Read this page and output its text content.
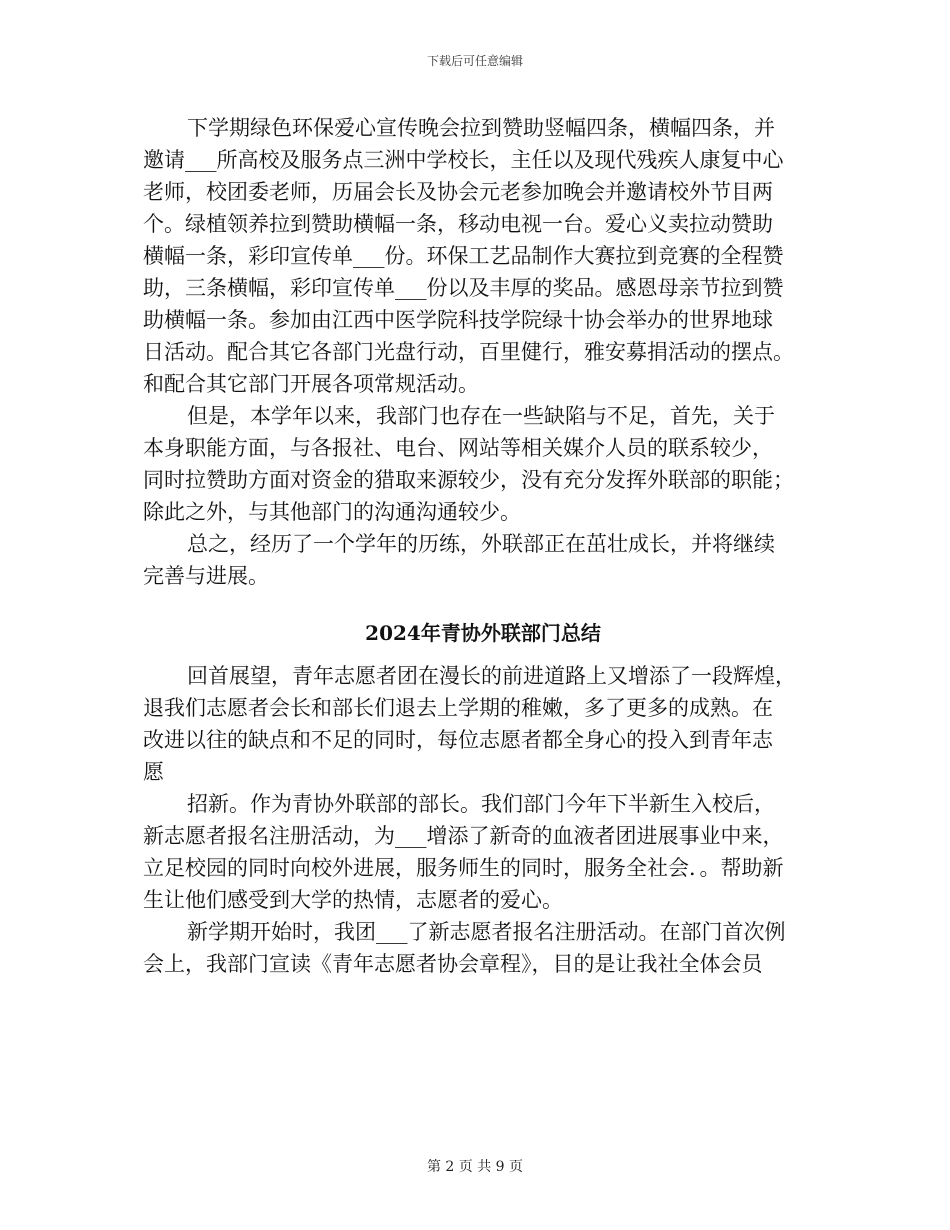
下载后可任意编辑
下学期绿色环保爱心宣传晚会拉到赞助竖幅四条，横幅四条，并
邀请___所高校及服务点三洲中学校长，主任以及现代残疾人康复中心
老师，校团委老师，历届会长及协会元老参加晚会并邀请校外节目两
个。绿植领养拉到赞助横幅一条，移动电视一台。爱心义卖拉动赞助
横幅一条，彩印宣传单___份。环保工艺品制作大赛拉到竞赛的全程赞
助，三条横幅，彩印宣传单___份以及丰厚的奖品。感恩母亲节拉到赞
助横幅一条。参加由江西中医学院科技学院绿十协会举办的世界地球
日活动。配合其它各部门光盘行动，百里健行，雅安募捐活动的摆点。
和配合其它部门开展各项常规活动。
但是，本学年以来，我部门也存在一些缺陷与不足，首先，关于
本身职能方面，与各报社、电台、网站等相关媒介人员的联系较少，
同时拉赞助方面对资金的猎取来源较少，没有充分发挥外联部的职能；
除此之外，与其他部门的沟通沟通较少。
总之，经历了一个学年的历练，外联部正在茁壮成长，并将继续
完善与进展。
2024年青协外联部门总结
回首展望，青年志愿者团在漫长的前进道路上又增添了一段辉煌，
退我们志愿者会长和部长们退去上学期的稚嫩，多了更多的成熟。在
改进以往的缺点和不足的同时，每位志愿者都全身心的投入到青年志
愿
招新。作为青协外联部的部长。我们部门今年下半新生入校后，
新志愿者报名注册活动，为___增添了新奇的血液者团进展事业中来，
立足校园的同时向校外进展，服务师生的同时，服务全社会．。帮助新
生让他们感受到大学的热情，志愿者的爱心。
新学期开始时，我团___了新志愿者报名注册活动。在部门首次例
会上，我部门宣读《青年志愿者协会章程》，目的是让我社全体会员
第 2 页 共 9 页
